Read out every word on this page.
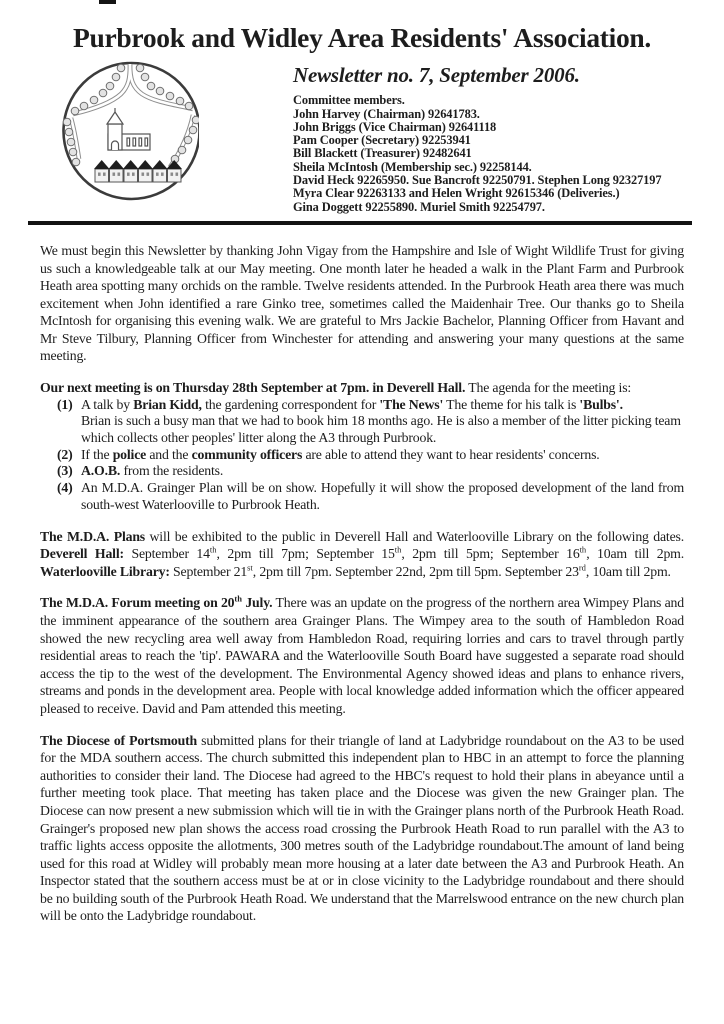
Purbrook and Widley Area Residents' Association.
Newsletter no. 7, September 2006.
Committee members.
John Harvey (Chairman) 92641783.
John Briggs (Vice Chairman) 92641118
Pam Cooper (Secretary) 92253941
Bill Blackett (Treasurer) 92482641
Sheila McIntosh (Membership sec.) 92258144.
David Heck 92265950. Sue Bancroft 92250791. Stephen Long 92327197
Myra Clear 92263133 and Helen Wright 92615346 (Deliveries.)
Gina Doggett 92255890. Muriel Smith 92254797.
We must begin this Newsletter by thanking John Vigay from the Hampshire and Isle of Wight Wildlife Trust for giving us such a knowledgeable talk at our May meeting. One month later he headed a walk in the Plant Farm and Purbrook Heath area spotting many orchids on the ramble. Twelve residents attended. In the Purbrook Heath area there was much excitement when John identified a rare Ginko tree, sometimes called the Maidenhair Tree. Our thanks go to Sheila McIntosh for organising this evening walk. We are grateful to Mrs Jackie Bachelor, Planning Officer from Havant and Mr Steve Tilbury, Planning Officer from Winchester for attending and answering your many questions at the same meeting.
Our next meeting is on Thursday 28th September at 7pm. in Deverell Hall. The agenda for the meeting is:
(1) A talk by Brian Kidd, the gardening correspondent for 'The News' The theme for his talk is 'Bulbs'.
Brian is such a busy man that we had to book him 18 months ago. He is also a member of the litter picking team which collects other peoples' litter along the A3 through Purbrook.
(2) If the police and the community officers are able to attend they want to hear residents' concerns.
(3) A.O.B. from the residents.
(4) An M.D.A. Grainger Plan will be on show. Hopefully it will show the proposed development of the land from south-west Waterlooville to Purbrook Heath.
The M.D.A. Plans will be exhibited to the public in Deverell Hall and Waterlooville Library on the following dates. Deverell Hall: September 14th, 2pm till 7pm; September 15th, 2pm till 5pm; September 16th, 10am till 2pm. Waterlooville Library: September 21st, 2pm till 7pm. September 22nd, 2pm till 5pm. September 23rd, 10am till 2pm.
The M.D.A. Forum meeting on 20th July. There was an update on the progress of the northern area Wimpey Plans and the imminent appearance of the southern area Grainger Plans. The Wimpey area to the south of Hambledon Road showed the new recycling area well away from Hambledon Road, requiring lorries and cars to travel through partly residential areas to reach the 'tip'. PAWARA and the Waterlooville South Board have suggested a separate road should access the tip to the west of the development. The Environmental Agency showed ideas and plans to enhance rivers, streams and ponds in the development area. People with local knowledge added information which the officer appeared pleased to receive. David and Pam attended this meeting.
The Diocese of Portsmouth submitted plans for their triangle of land at Ladybridge roundabout on the A3 to be used for the MDA southern access. The church submitted this independent plan to HBC in an attempt to force the planning authorities to consider their land. The Diocese had agreed to the HBC's request to hold their plans in abeyance until a further meeting took place. That meeting has taken place and the Diocese was given the new Grainger plan. The Diocese can now present a new submission which will tie in with the Grainger plans north of the Purbrook Heath Road. Grainger's proposed new plan shows the access road crossing the Purbrook Heath Road to run parallel with the A3 to traffic lights access opposite the allotments, 300 metres south of the Ladybridge roundabout.The amount of land being used for this road at Widley will probably mean more housing at a later date between the A3 and Purbrook Heath. An Inspector stated that the southern access must be at or in close vicinity to the Ladybridge roundabout and there should be no building south of the Purbrook Heath Road. We understand that the Marrelswood entrance on the new church plan will be onto the Ladybridge roundabout.
